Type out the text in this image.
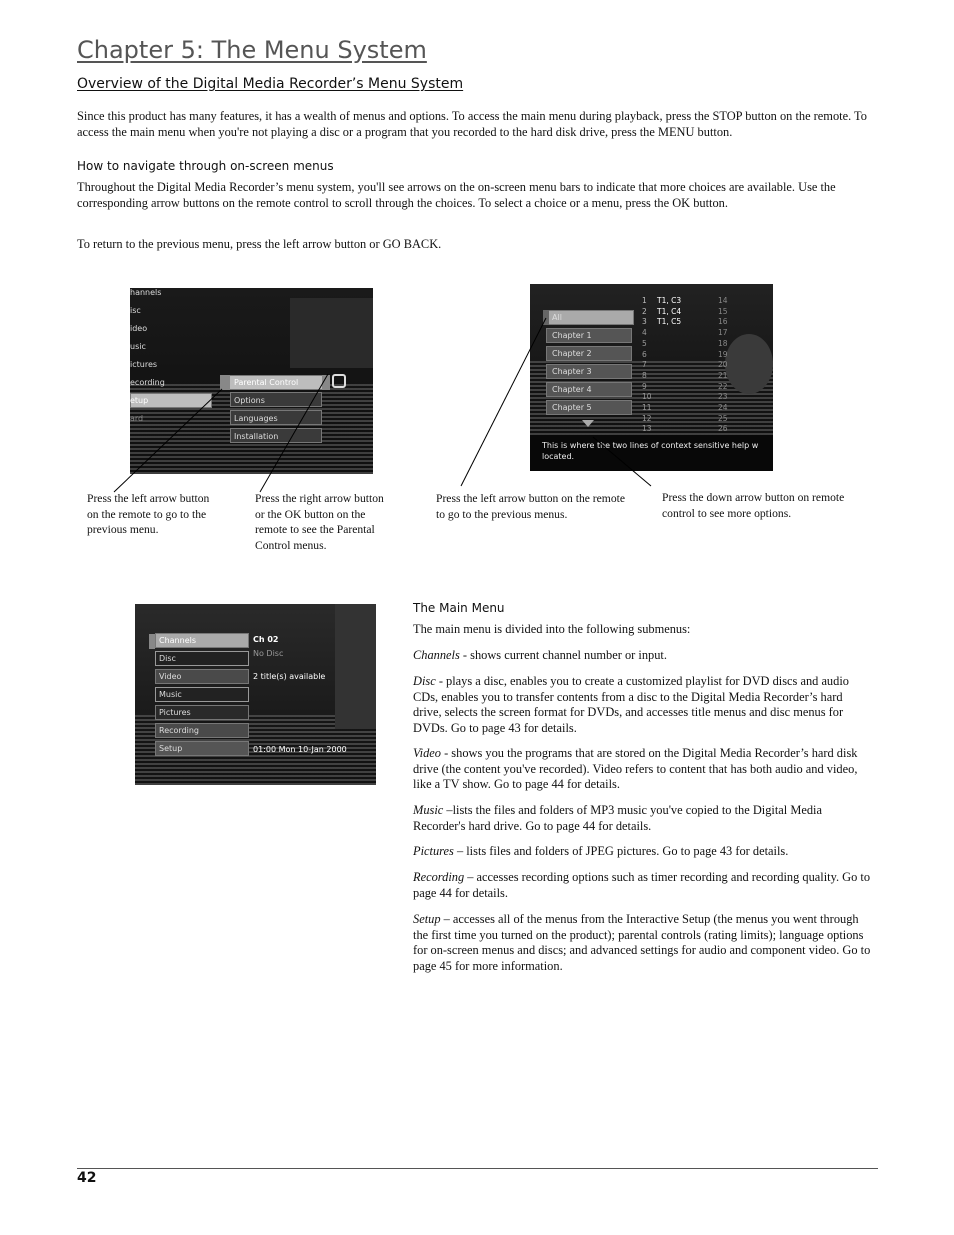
Chapter 5: The Menu System
Overview of the Digital Media Recorder’s Menu System

Since this product has many features, it has a wealth of menus and options. To access the main menu during playback, press the STOP button on the remote. To access the main menu when you're not playing a disc or a program that you recorded to the hard disk drive, press the MENU button.

How to navigate through on-screen menus

Throughout the Digital Media Recorder’s menu system, you'll see arrows on the on-screen menu bars to indicate that more choices are available. Use the corresponding arrow buttons on the remote control to scroll through the choices. To select a choice or a menu, press the OK button.

To return to the previous menu, press the left arrow button or GO BACK.

hannels
isc
ideo
usic
ictures
ecording
etup
ard
Parental Control
Options
Languages
Installation
All
Chapter 1
Chapter 2
Chapter 3
Chapter 4
Chapter 5
1
2
3
4
5
6
7
8
9
10
11
12
13
T1, C3
T1, C4
T1, C5
14
15
16
17
18
19
20
21
22
23
24
25
26
This is where the two lines of context sensitive help w located.

Press the left arrow button on the remote to go to the previous menu.

Press the right arrow button or the OK button on the remote to see the Parental Control menus.

Press the left arrow button on the remote to go to the previous menus.

Press the down arrow button on remote control to see more options.

Channels
Disc
Video
Music
Pictures
Recording
Setup
Ch 02
No Disc
2 title(s) available
01:00 Mon 10-Jan 2000

The Main Menu

The main menu is divided into the following submenus:

Channels - shows current channel number or input.

Disc - plays a disc, enables you to create a customized playlist for DVD discs and audio CDs, enables you to transfer contents from a disc to the Digital Media Recorder’s hard drive, selects the screen format for DVDs, and accesses title menus and disc menus for DVDs. Go to page 43 for details.

Video - shows you the programs that are stored on the Digital Media Recorder’s hard disk drive (the content you've recorded). Video refers to content that has both audio and video, like a TV show. Go to page 44 for details.

Music –lists the files and folders of MP3 music you've copied to the Digital Media Recorder's hard drive. Go to page 44 for details.

Pictures – lists files and folders of JPEG pictures. Go to page 43 for details.

Recording – accesses recording options such as timer recording and recording quality. Go to page 44 for details.

Setup – accesses all of the menus from the Interactive Setup (the menus you went through the first time you turned on the product); parental controls (rating limits); language options for on-screen menus and discs; and advanced settings for audio and component video. Go to page 45 for more information.

42
